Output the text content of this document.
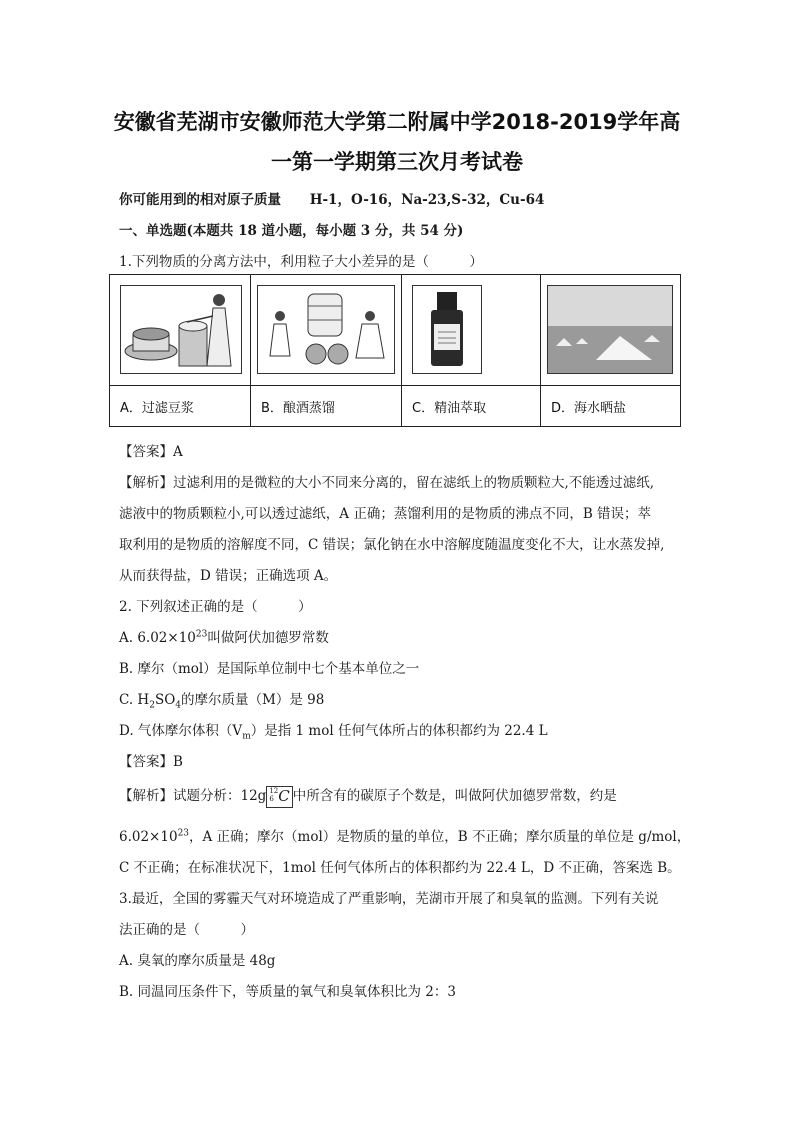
安徽省芜湖市安徽师范大学第二附属中学2018-2019学年高
一第一学期第三次月考试卷
你可能用到的相对原子质量 H-1，O-16，Na-23,S-32，Cu-64
一、单选题(本题共 18 道小题，每小题 3 分，共 54 分)
1.下列物质的分离方法中，利用粒子大小差异的是（　　　）

A．过滤豆浆	B．酿酒蒸馏	C．精油萃取	D．海水晒盐
【答案】A
【解析】过滤利用的是微粒的大小不同来分离的，留在滤纸上的物质颗粒大,不能透过滤纸,
滤液中的物质颗粒小,可以透过滤纸，A 正确；蒸馏利用的是物质的沸点不同，B 错误；萃
取利用的是物质的溶解度不同，C 错误；氯化钠在水中溶解度随温度变化不大，让水蒸发掉,
从而获得盐，D 错误；正确选项 A。
2. 下列叙述正确的是（　　　）
A. $6.02\times 10^{23}$叫做阿伏加德罗常数
B. 摩尔（mol）是国际单位制中七个基本单位之一
C. $H_2SO_4$的摩尔质量（M）是 98
D. 气体摩尔体积$(V_m)$是指 1 mol 任何气体所占的体积都约为 22.4 L
【答案】B
【解析】试题分析：12g 12
6 C 中所含有的碳原子个数是，叫做阿伏加德罗常数，约是
$6.02\times 10^{23}$，A 正确；摩尔（mol）是物质的量的单位，B 不正确；摩尔质量的单位是 g/mol，
C 不正确；在标准状况下，1mol 任何气体所占的体积都约为 22.4 L，D 不正确，答案选 B。
3.最近，全国的雾霾天气对环境造成了严重影响，芜湖市开展了和臭氧的监测。下列有关说
法正确的是（　　　）
A. 臭氧的摩尔质量是 48g
B. 同温同压条件下，等质量的氧气和臭氧体积比为 2：3
